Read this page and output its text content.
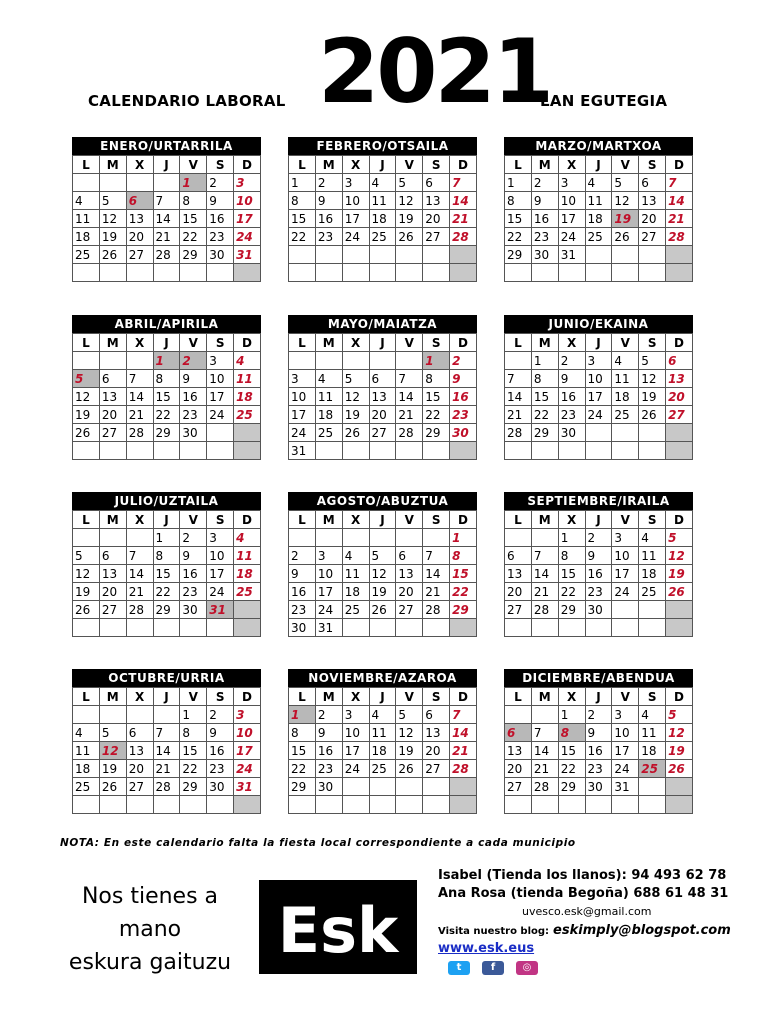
CALENDARIO LABORAL 2021
LAN EGUTEGIA
ENERO/URTARRILA
L	M	X	J	V	S	D
				1	2	3
4	5	6	7	8	9	10
11	12	13	14	15	16	17
18	19	20	21	22	23	24
25	26	27	28	29	30	31

FEBRERO/OTSAILA
L	M	X	J	V	S	D
1	2	3	4	5	6	7
8	9	10	11	12	13	14
15	16	17	18	19	20	21
22	23	24	25	26	27	28

MARZO/MARTXOA
L	M	X	J	V	S	D
1	2	3	4	5	6	7
8	9	10	11	12	13	14
15	16	17	18	19	20	21
22	23	24	25	26	27	28
29	30	31				

ABRIL/APIRILA
L	M	X	J	V	S	D
			1	2	3	4
5	6	7	8	9	10	11
12	13	14	15	16	17	18
19	20	21	22	23	24	25
26	27	28	29	30		

MAYO/MAIATZA
L	M	X	J	V	S	D
					1	2
3	4	5	6	7	8	9
10	11	12	13	14	15	16
17	18	19	20	21	22	23
24	25	26	27	28	29	30
31						
JUNIO/EKAINA
L	M	X	J	V	S	D
	1	2	3	4	5	6
7	8	9	10	11	12	13
14	15	16	17	18	19	20
21	22	23	24	25	26	27
28	29	30				

JULIO/UZTAILA
L	M	X	J	V	S	D
			1	2	3	4
5	6	7	8	9	10	11
12	13	14	15	16	17	18
19	20	21	22	23	24	25
26	27	28	29	30	31	

AGOSTO/ABUZTUA
L	M	X	J	V	S	D
						1
2	3	4	5	6	7	8
9	10	11	12	13	14	15
16	17	18	19	20	21	22
23	24	25	26	27	28	29
30	31					
SEPTIEMBRE/IRAILA
L	M	X	J	V	S	D
		1	2	3	4	5
6	7	8	9	10	11	12
13	14	15	16	17	18	19
20	21	22	23	24	25	26
27	28	29	30			

OCTUBRE/URRIA
L	M	X	J	V	S	D
				1	2	3
4	5	6	7	8	9	10
11	12	13	14	15	16	17
18	19	20	21	22	23	24
25	26	27	28	29	30	31

NOVIEMBRE/AZAROA
L	M	X	J	V	S	D
1	2	3	4	5	6	7
8	9	10	11	12	13	14
15	16	17	18	19	20	21
22	23	24	25	26	27	28
29	30					

DICIEMBRE/ABENDUA
L	M	X	J	V	S	D
		1	2	3	4	5
6	7	8	9	10	11	12
13	14	15	16	17	18	19
20	21	22	23	24	25	26
27	28	29	30	31		

NOTA: En este calendario falta la fiesta local correspondiente a cada municipio
Nos tienes a
mano
eskura gaituzu Esk
Isabel (Tienda los llanos): 94 493 62 78
Ana Rosa (tienda Begoña) 688 61 48 31
uvesco.esk@gmail.com
Visita nuestro blog: eskimply@blogspot.com
www.esk.eus
t	f	◎
